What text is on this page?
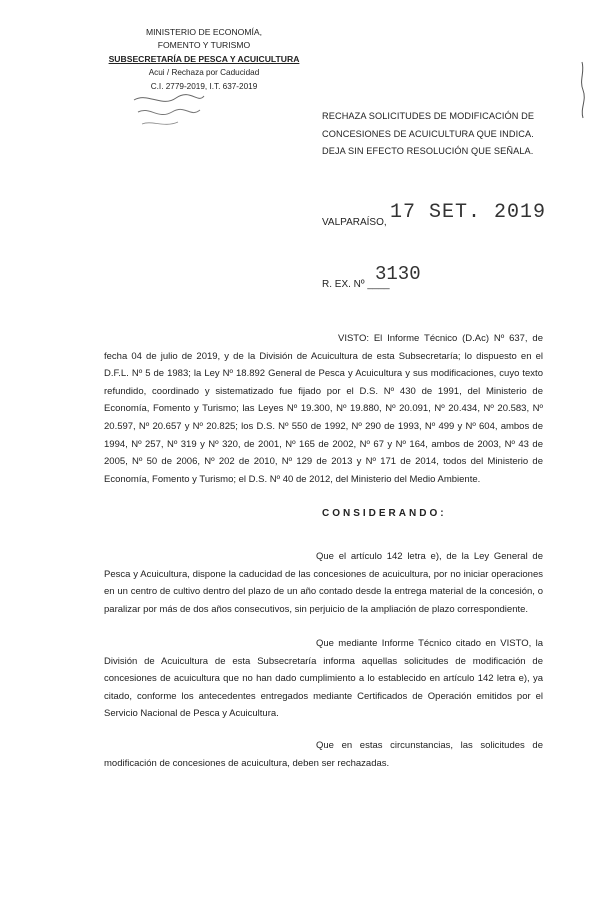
MINISTERIO DE ECONOMÍA,
FOMENTO Y TURISMO
SUBSECRETARÍA DE PESCA Y ACUICULTURA
Acui / Rechaza por Caducidad
C.I. 2779-2019, I.T. 637-2019
RECHAZA SOLICITUDES DE MODIFICACIÓN DE CONCESIONES DE ACUICULTURA QUE INDICA. DEJA SIN EFECTO RESOLUCIÓN QUE SEÑALA.
VALPARAÍSO, 17 SET. 2019
R. EX. Nº ____
3130
VISTO: El Informe Técnico (D.Ac) Nº 637, de fecha 04 de julio de 2019, y de la División de Acuicultura de esta Subsecretaría; lo dispuesto en el D.F.L. Nº 5 de 1983; la Ley Nº 18.892 General de Pesca y Acuicultura y sus modificaciones, cuyo texto refundido, coordinado y sistematizado fue fijado por el D.S. Nº 430 de 1991, del Ministerio de Economía, Fomento y Turismo; las Leyes Nº 19.300, Nº 19.880, Nº 20.091, Nº 20.434, Nº 20.583, Nº 20.597, Nº 20.657 y Nº 20.825; los D.S. Nº 550 de 1992, Nº 290 de 1993, Nº 499 y Nº 604, ambos de 1994, Nº 257, Nº 319 y Nº 320, de 2001, Nº 165 de 2002, Nº 67 y Nº 164, ambos de 2003, Nº 43 de 2005, Nº 50 de 2006, Nº 202 de 2010, Nº 129 de 2013 y Nº 171 de 2014, todos del Ministerio de Economía, Fomento y Turismo; el D.S. Nº 40 de 2012, del Ministerio del Medio Ambiente.
CONSIDERANDO:
Que el artículo 142 letra e), de la Ley General de Pesca y Acuicultura, dispone la caducidad de las concesiones de acuicultura, por no iniciar operaciones en un centro de cultivo dentro del plazo de un año contado desde la entrega material de la concesión, o paralizar por más de dos años consecutivos, sin perjuicio de la ampliación de plazo correspondiente.
Que mediante Informe Técnico citado en VISTO, la División de Acuicultura de esta Subsecretaría informa aquellas solicitudes de modificación de concesiones de acuicultura que no han dado cumplimiento a lo establecido en artículo 142 letra e), ya citado, conforme los antecedentes entregados mediante Certificados de Operación emitidos por el Servicio Nacional de Pesca y Acuicultura.
Que en estas circunstancias, las solicitudes de modificación de concesiones de acuicultura, deben ser rechazadas.
